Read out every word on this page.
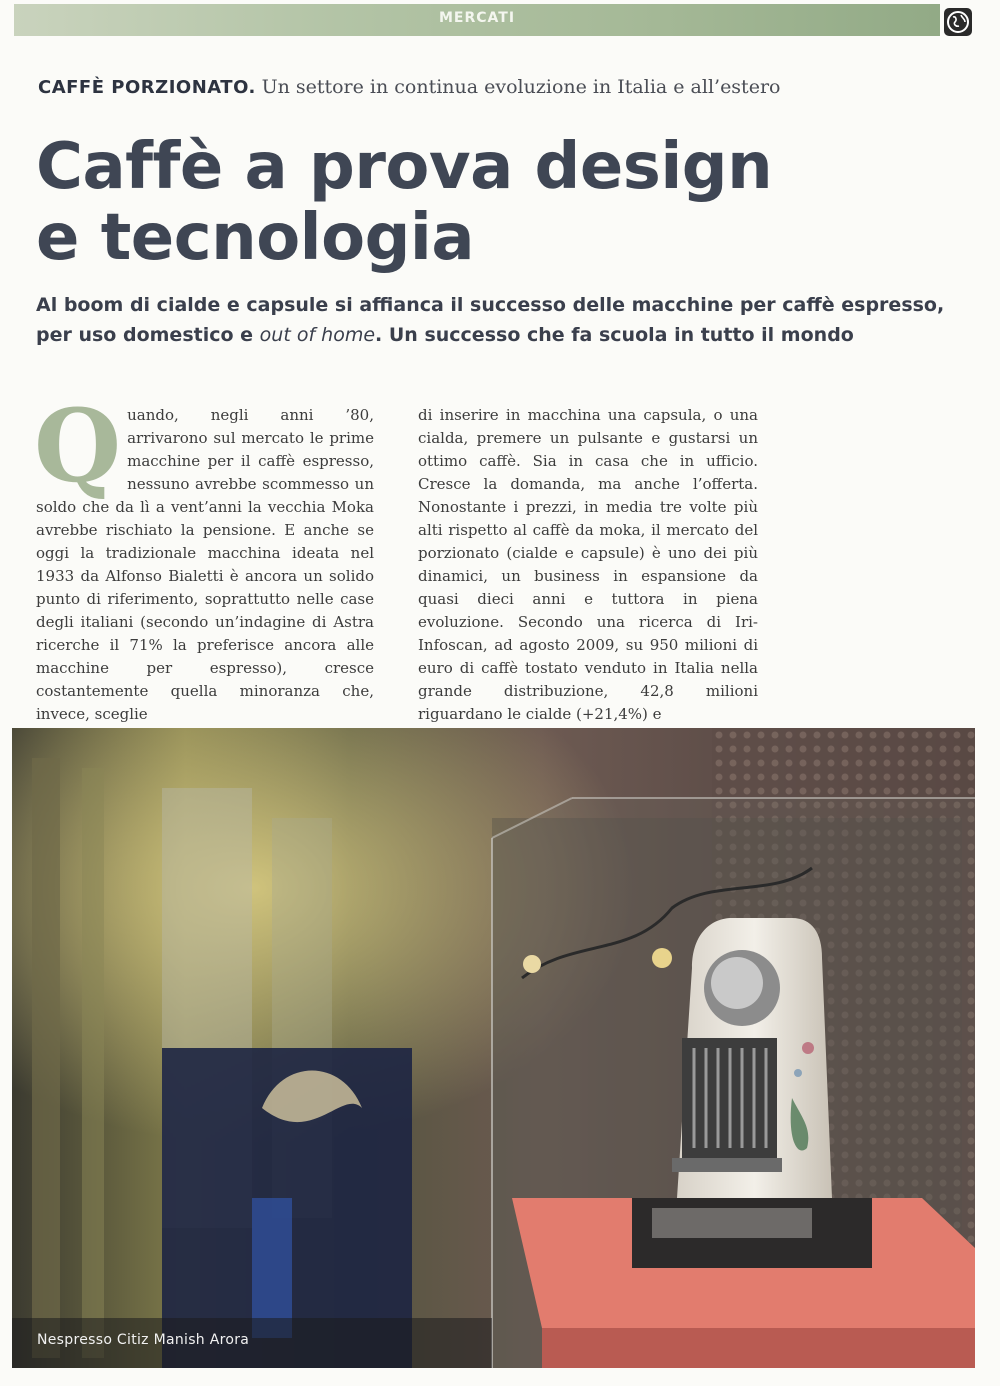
MERCATI
CAFFÈ PORZIONATO. Un settore in continua evoluzione in Italia e all’estero
Caffè a prova design
e tecnologia

Al boom di cialde e capsule si affianca il successo delle macchine per caffè espresso, per uso domestico e out of home. Un successo che fa scuola in tutto il mondo

Quando, negli anni ’80, arrivarono sul mercato le prime macchine per il caffè espresso, nessuno avrebbe scommesso un soldo che da lì a vent’anni la vecchia Moka avrebbe rischiato la pensione. E anche se oggi la tradizionale macchina ideata nel 1933 da Alfonso Bialetti è ancora un solido punto di riferimento, soprattutto nelle case degli italiani (secondo un’indagine di Astra ricerche il 71% la preferisce ancora alle macchine per espresso), cresce costantemente quella minoranza che, invece, sceglie

di inserire in macchina una capsula, o una cialda, premere un pulsante e gustarsi un ottimo caffè. Sia in casa che in ufficio. Cresce la domanda, ma anche l’offerta. Nonostante i prezzi, in media tre volte più alti rispetto al caffè da moka, il mercato del porzionato (cialde e capsule) è uno dei più dinamici, un business in espansione da quasi dieci anni e tuttora in piena evoluzione. Secondo una ricerca di Iri-Infoscan, ad agosto 2009, su 950 milioni di euro di caffè tostato venduto in Italia nella grande distribuzione, 42,8 milioni riguardano le cialde (+21,4%) e

Nespresso Citiz Manish Arora
